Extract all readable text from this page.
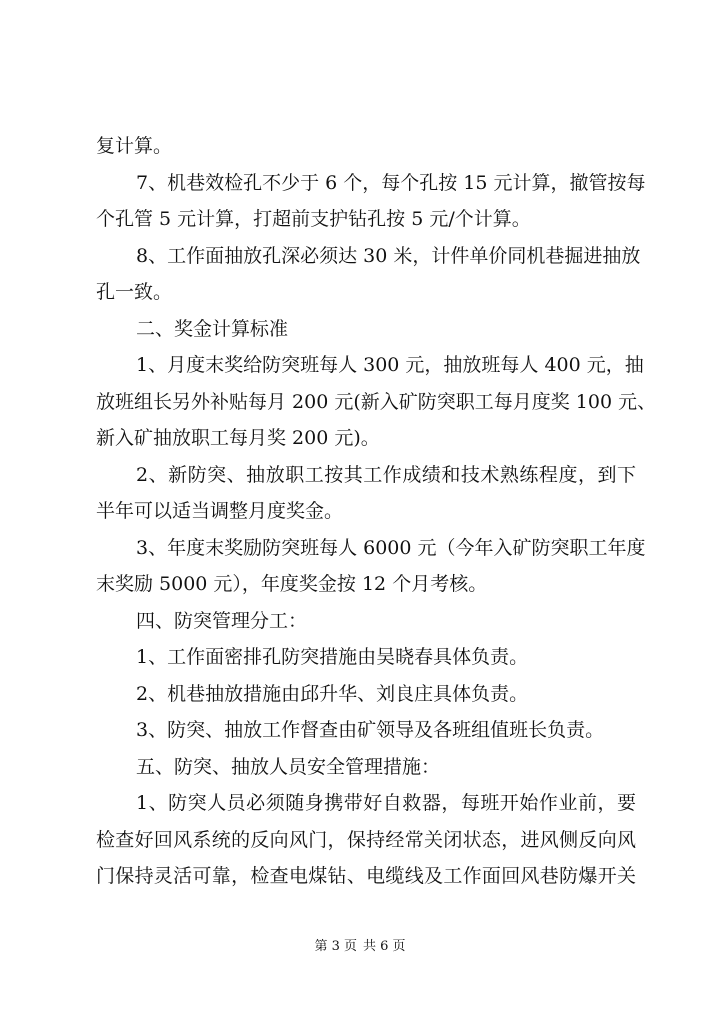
复计算。
7、机巷效检孔不少于 6 个，每个孔按 15 元计算，撤管按每
个孔管 5 元计算，打超前支护钻孔按 5 元/个计算。
8、工作面抽放孔深必须达 30 米，计件单价同机巷掘进抽放
孔一致。
二、奖金计算标准
1、月度末奖给防突班每人 300 元，抽放班每人 400 元，抽
放班组长另外补贴每月 200 元(新入矿防突职工每月度奖 100 元、
新入矿抽放职工每月奖 200 元)。
2、新防突、抽放职工按其工作成绩和技术熟练程度，到下
半年可以适当调整月度奖金。
3、年度末奖励防突班每人 6000 元（今年入矿防突职工年度
末奖励 5000 元），年度奖金按 12 个月考核。
四、防突管理分工：
1、工作面密排孔防突措施由吴晓春具体负责。
2、机巷抽放措施由邱升华、刘良庄具体负责。
3、防突、抽放工作督查由矿领导及各班组值班长负责。
五、防突、抽放人员安全管理措施：
1、防突人员必须随身携带好自救器，每班开始作业前，要
检查好回风系统的反向风门，保持经常关闭状态，进风侧反向风
门保持灵活可靠，检查电煤钻、电缆线及工作面回风巷防爆开关
第 3 页 共 6 页
